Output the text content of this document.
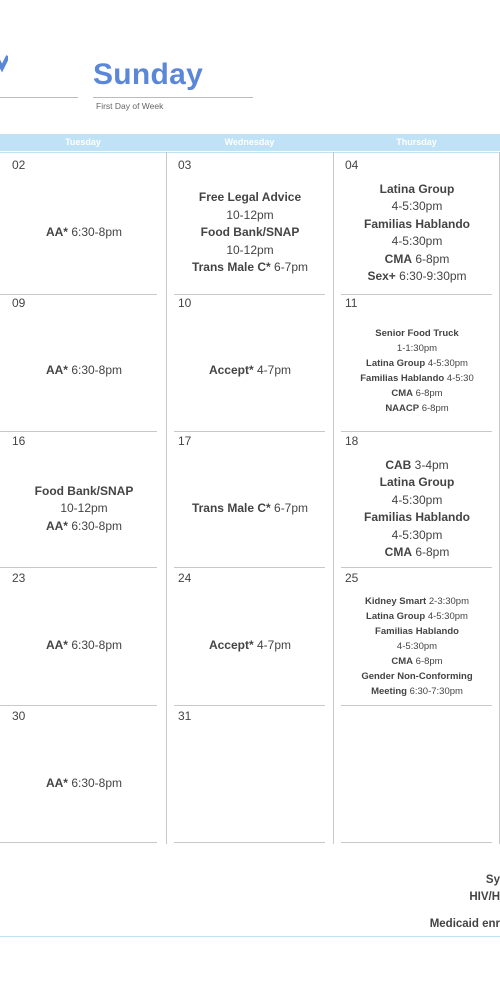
Sunday
First Day of Week
Tuesday	Wednesday	Thursday
02
AA* 6:30-8pm
03
Free Legal Advice
10-12pm
Food Bank/SNAP
10-12pm
Trans Male C* 6-7pm
04
Latina Group
4-5:30pm
Familias Hablando
4-5:30pm
CMA 6-8pm
Sex+ 6:30-9:30pm
09
AA* 6:30-8pm
10
Accept* 4-7pm
11
Senior Food Truck
1-1:30pm
Latina Group 4-5:30pm
Familias Hablando 4-5:30
CMA 6-8pm
NAACP 6-8pm
16
Food Bank/SNAP
10-12pm
AA* 6:30-8pm
17
Trans Male C* 6-7pm
18
CAB 3-4pm
Latina Group
4-5:30pm
Familias Hablando
4-5:30pm
CMA 6-8pm
23
AA* 6:30-8pm
24
Accept* 4-7pm
25
Kidney Smart 2-3:30pm
Latina Group 4-5:30pm
Familias Hablando
4-5:30pm
CMA 6-8pm
Gender Non-Conforming
Meeting 6:30-7:30pm
30
AA* 6:30-8pm
31
Sy
HIV/H
Medicaid enr
